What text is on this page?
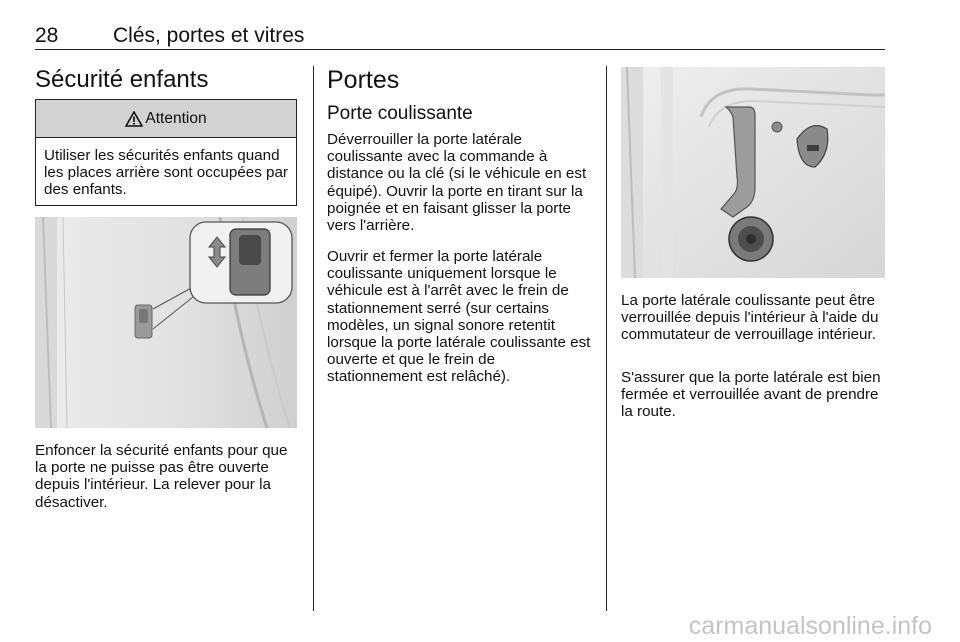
28	Clés, portes et vitres
Sécurité enfants
Attention
Utiliser les sécurités enfants quand les places arrière sont occupées par des enfants.
Enfoncer la sécurité enfants pour que la porte ne puisse pas être ouverte depuis l'intérieur. La relever pour la désactiver.
Portes
Porte coulissante
Déverrouiller la porte latérale coulissante avec la commande à distance ou la clé (si le véhicule en est équipé). Ouvrir la porte en tirant sur la poignée et en faisant glisser la porte vers l'arrière.
Ouvrir et fermer la porte latérale coulissante uniquement lorsque le véhicule est à l'arrêt avec le frein de stationnement serré (sur certains modèles, un signal sonore retentit lorsque la porte latérale coulissante est ouverte et que le frein de stationnement est relâché).
La porte latérale coulissante peut être verrouillée depuis l'intérieur à l'aide du commutateur de verrouillage intérieur.
S'assurer que la porte latérale est bien fermée et verrouillée avant de prendre la route.
carmanualsonline.info
